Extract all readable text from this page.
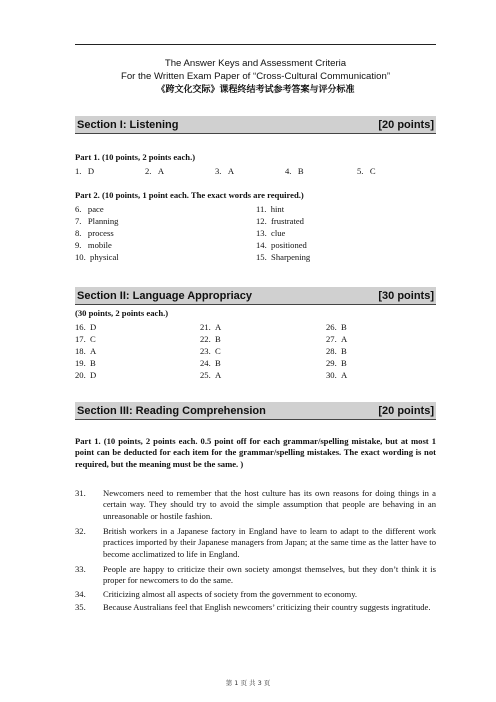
The Answer Keys and Assessment Criteria
For the Written Exam Paper of “Cross-Cultural Communication”
《跨文化交际》课程终结考试参考答案与评分标准
Section I: Listening	[20 points]
Part 1. (10 points, 2 points each.)
1. D	2. A	3. A	4. B	5. C
Part 2. (10 points, 1 point each. The exact words are required.)
6. pace	11. hint
7. Planning	12. frustrated
8. process	13. clue
9. mobile	14. positioned
10. physical	15. Sharpening
Section II: Language Appropriacy	[30 points]
(30 points, 2 points each.)
16. D	21. A	26. B
17. C	22. B	27. A
18. A	23. C	28. B
19. B	24. B	29. B
20. D	25. A	30. A
Section III: Reading Comprehension	[20 points]
Part 1. (10 points, 2 points each. 0.5 point off for each grammar/spelling mistake, but at most 1 point can be deducted for each item for the grammar/spelling mistakes. The exact wording is not required, but the meaning must be the same. )
31. Newcomers need to remember that the host culture has its own reasons for doing things in a certain way. They should try to avoid the simple assumption that people are behaving in an unreasonable or hostile fashion.
32. British workers in a Japanese factory in England have to learn to adapt to the different work practices imported by their Japanese managers from Japan; at the same time as the latter have to become acclimatized to life in England.
33. People are happy to criticize their own society amongst themselves, but they don’t think it is proper for newcomers to do the same.
34. Criticizing almost all aspects of society from the government to economy.
35. Because Australians feel that English newcomers’ criticizing their country suggests ingratitude.
第 1 页 共 3 页
